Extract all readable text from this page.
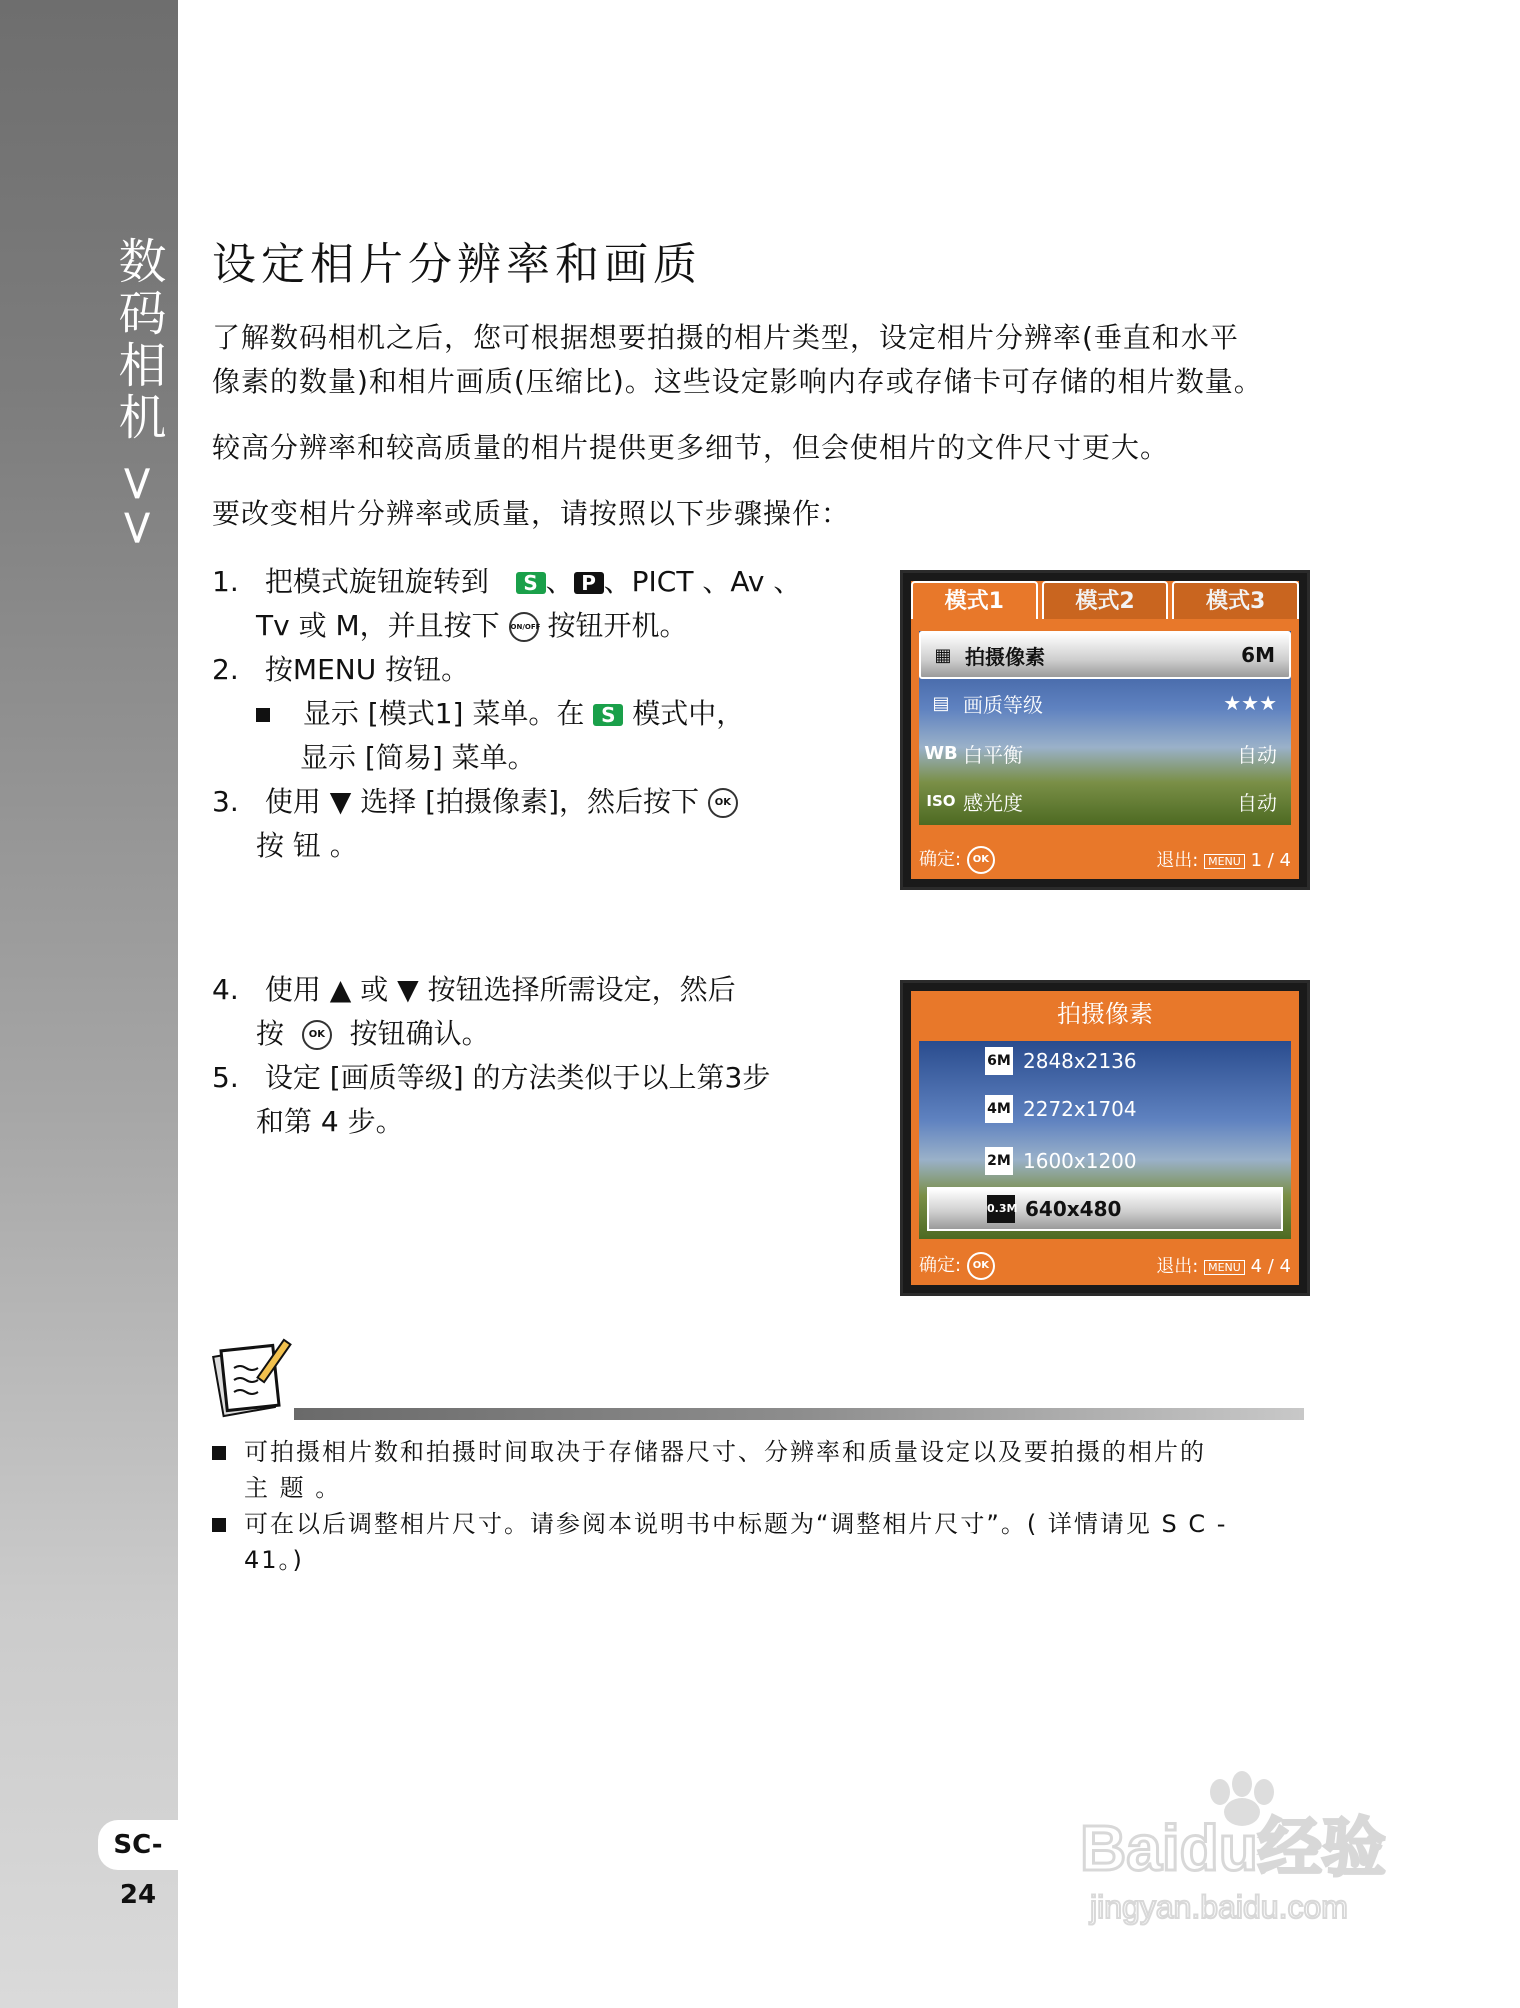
数码相机 >>
SC-24
设定相片分辨率和画质

了解数码相机之后，您可根据想要拍摄的相片类型，设定相片分辨率(垂直和水平

像素的数量)和相片画质(压缩比)。这些设定影响内存或存储卡可存储的相片数量。

较高分辨率和较高质量的相片提供更多细节，但会使相片的文件尺寸更大。

要改变相片分辨率或质量，请按照以下步骤操作：

1. 把模式旋钮旋转到 S 、 P 、PICT 、Av 、
Tv 或 M，并且按下 ON/OFF 按钮开机。
2. 按MENU 按钮。
显示 [模式1] 菜单。在 S 模式中，
显示 [简易] 菜单。
3. 使用 ▼ 选择 [拍摄像素]，然后按下 OK
按 钮 。
模式1	模式2	模式3
▦ 拍摄像素	6M
▤ 画质等级	★★★
WB 白平衡	自动
ISO 感光度	自动
确定: OK	退出: MENU 1 / 4
4. 使用 ▲ 或 ▼ 按钮选择所需设定，然后
按 OK 按钮确认。
5. 设定 [画质等级] 的方法类似于以上第3步
和第 4 步。
拍摄像素
6M 2848x2136
4M 2272x1704
2M 1600x1200
0.3M 640x480
确定: OK	退出: MENU 4 / 4
可拍摄相片数和拍摄时间取决于存储器尺寸、分辨率和质量设定以及要拍摄的相片的
主 题 。
可在以后调整相片尺寸。请参阅本说明书中标题为“调整相片尺寸”。( 详情请见 S C -
41。)
Baidu经验
jingyan.baidu.com
